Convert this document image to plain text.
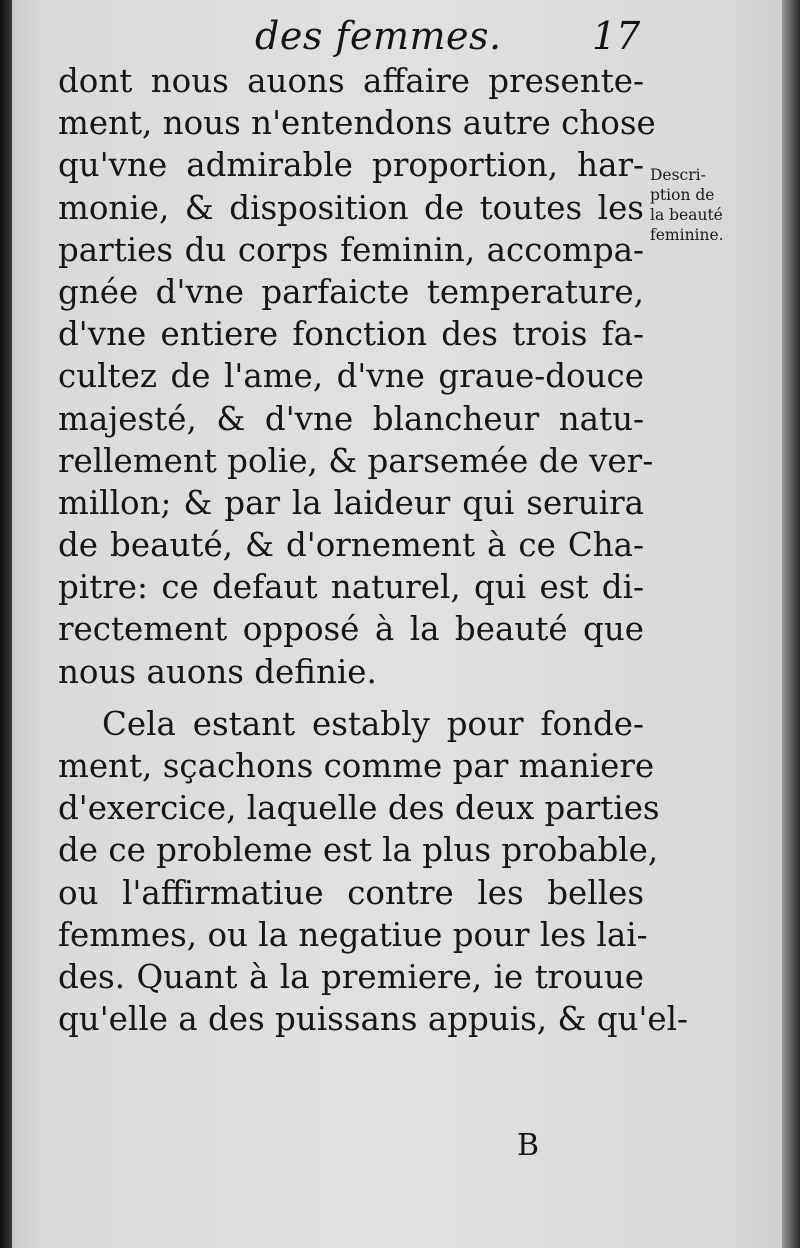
des femmes. 17
dont nous auons affaire presente-
ment, nous n'entendons autre chose
qu'vne admirable proportion, har-
monie, & disposition de toutes les
parties du corps feminin, accompa-
gnée d'vne parfaicte temperature,
d'vne entiere fonction des trois fa-
cultez de l'ame, d'vne graue-douce
majesté, & d'vne blancheur natu-
rellement polie, & parsemée de ver-
millon; & par la laideur qui seruira
de beauté, & d'ornement à ce Cha-
pitre: ce defaut naturel, qui est di-
rectement opposé à la beauté que
nous auons definie.
Cela estant estably pour fonde-
ment, sçachons comme par maniere
d'exercice, laquelle des deux parties
de ce probleme est la plus probable,
ou l'affirmatiue contre les belles
femmes, ou la negatiue pour les lai-
des. Quant à la premiere, ie trouue
qu'elle a des puissans appuis, & qu'el-
Descri-
ption de
la beauté
feminine.
B
